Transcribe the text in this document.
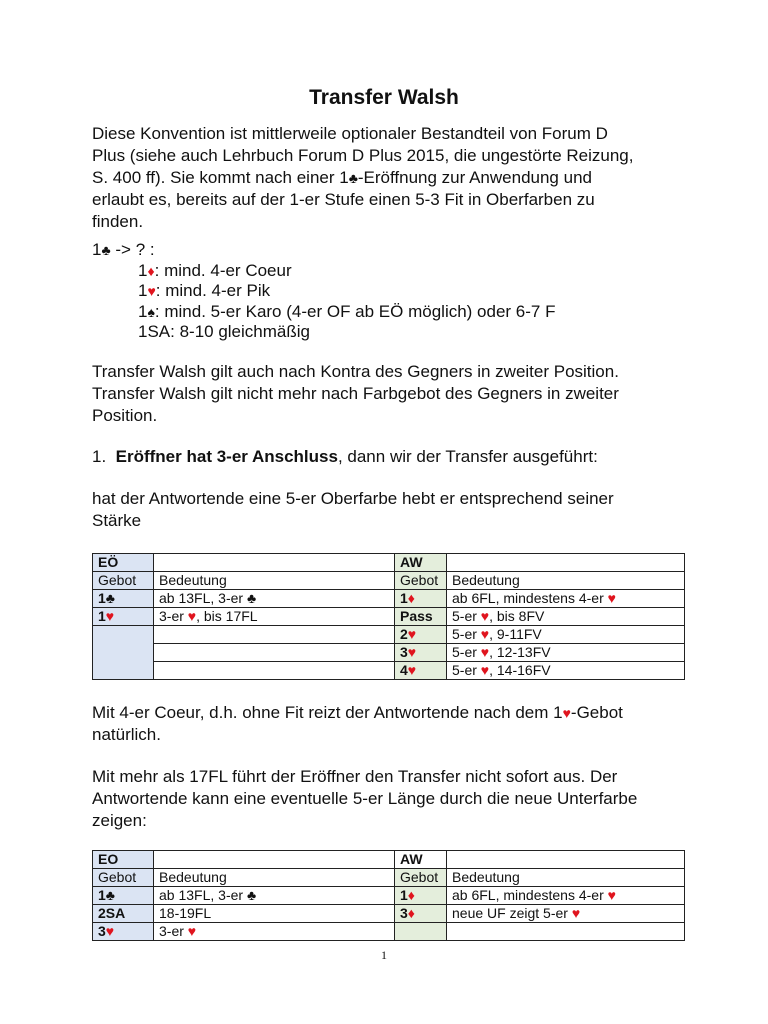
Transfer Walsh
Diese Konvention ist mittlerweile optionaler Bestandteil von Forum D
Plus (siehe auch Lehrbuch Forum D Plus 2015, die ungestörte Reizung,
S. 400 ff). Sie kommt nach einer 1♣-Eröffnung zur Anwendung und
erlaubt es, bereits auf der 1-er Stufe einen 5-3 Fit in Oberfarben zu
finden.
1♣ -> ? :
1♦: mind. 4-er Coeur
1♥: mind. 4-er Pik
1♠: mind. 5-er Karo (4-er OF ab EÖ möglich) oder 6-7 F
1SA: 8-10 gleichmäßig
Transfer Walsh gilt auch nach Kontra des Gegners in zweiter Position.
Transfer Walsh gilt nicht mehr nach Farbgebot des Gegners in zweiter
Position.
1. Eröffner hat 3-er Anschluss, dann wir der Transfer ausgeführt:
hat der Antwortende eine 5-er Oberfarbe hebt er entsprechend seiner
Stärke
EÖ		AW	
Gebot	Bedeutung	Gebot	Bedeutung
1♣	ab 13FL, 3-er ♣	1♦	ab 6FL, mindestens 4-er ♥
1♥	3-er ♥, bis 17FL	Pass	5-er ♥, bis 8FV
		2♥	5-er ♥, 9-11FV
		3♥	5-er ♥, 12-13FV
		4♥	5-er ♥, 14-16FV
Mit 4-er Coeur, d.h. ohne Fit reizt der Antwortende nach dem 1♥-Gebot
natürlich.
Mit mehr als 17FL führt der Eröffner den Transfer nicht sofort aus. Der
Antwortende kann eine eventuelle 5-er Länge durch die neue Unterfarbe
zeigen:
EO		AW	
Gebot	Bedeutung	Gebot	Bedeutung
1♣	ab 13FL, 3-er ♣	1♦	ab 6FL, mindestens 4-er ♥
2SA	18-19FL	3♦	neue UF zeigt 5-er ♥
3♥	3-er ♥		
1
